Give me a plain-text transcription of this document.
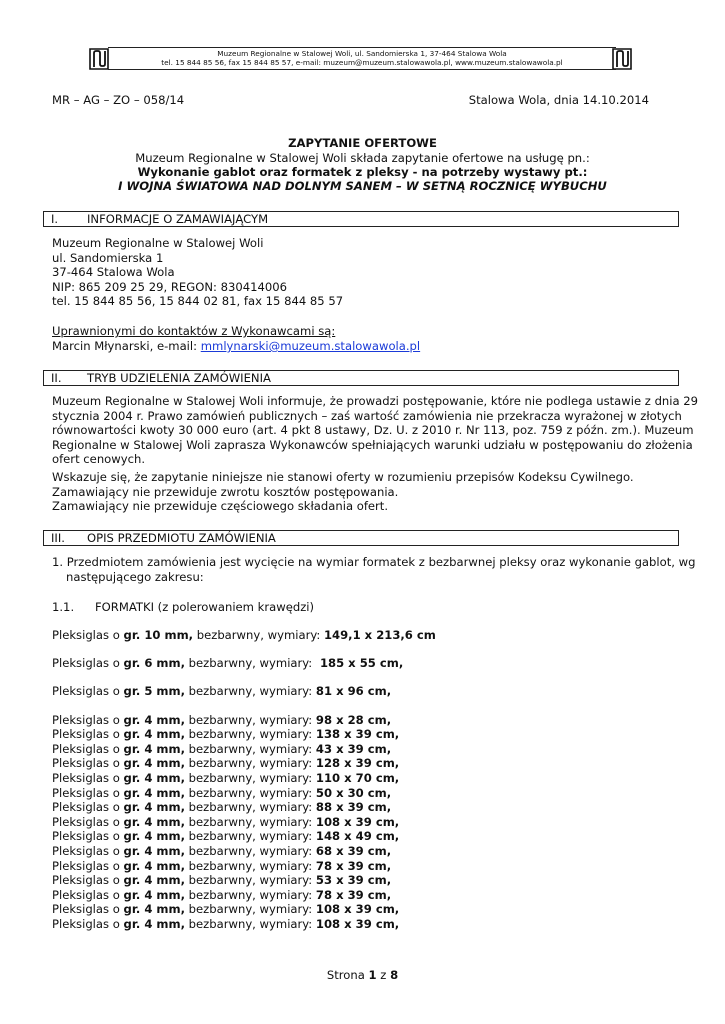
Muzeum Regionalne w Stalowej Woli, ul. Sandomierska 1, 37-464 Stalowa Wola
tel. 15 844 85 56, fax 15 844 85 57, e-mail: muzeum@muzeum.stalowawola.pl, www.muzeum.stalowawola.pl
MR – AG – ZO – 058/14	Stalowa Wola, dnia 14.10.2014
ZAPYTANIE OFERTOWE
Muzeum Regionalne w Stalowej Woli składa zapytanie ofertowe na usługę pn.:
Wykonanie gablot oraz formatek z pleksy - na potrzeby wystawy pt.:
I WOJNA ŚWIATOWA NAD DOLNYM SANEM – W SETNĄ ROCZNICĘ WYBUCHU
I. INFORMACJE O ZAMAWIAJĄCYM
Muzeum Regionalne w Stalowej Woli
ul. Sandomierska 1
37-464 Stalowa Wola
NIP: 865 209 25 29, REGON: 830414006
tel. 15 844 85 56, 15 844 02 81, fax 15 844 85 57
Uprawnionymi do kontaktów z Wykonawcami są:
Marcin Młynarski, e-mail: mmlynarski@muzeum.stalowawola.pl
II. TRYB UDZIELENIA ZAMÓWIENIA
Muzeum Regionalne w Stalowej Woli informuje, że prowadzi postępowanie, które nie podlega ustawie z dnia 29
stycznia 2004 r. Prawo zamówień publicznych – zaś wartość zamówienia nie przekracza wyrażonej w złotych
równowartości kwoty 30 000 euro (art. 4 pkt 8 ustawy, Dz. U. z 2010 r. Nr 113, poz. 759 z późn. zm.). Muzeum
Regionalne w Stalowej Woli zaprasza Wykonawców spełniających warunki udziału w postępowaniu do złożenia
ofert cenowych.
Wskazuje się, że zapytanie niniejsze nie stanowi oferty w rozumieniu przepisów Kodeksu Cywilnego.
Zamawiający nie przewiduje zwrotu kosztów postępowania.
Zamawiający nie przewiduje częściowego składania ofert.
III. OPIS PRZEDMIOTU ZAMÓWIENIA
1. Przedmiotem zamówienia jest wycięcie na wymiar formatek z bezbarwnej pleksy oraz wykonanie gablot, wg
następującego zakresu:
1.1. FORMATKI (z polerowaniem krawędzi)
Pleksiglas o gr. 10 mm, bezbarwny, wymiary: 149,1 x 213,6 cm
Pleksiglas o gr. 6 mm, bezbarwny, wymiary:  185 x 55 cm,
Pleksiglas o gr. 5 mm, bezbarwny, wymiary: 81 x 96 cm,
Pleksiglas o gr. 4 mm, bezbarwny, wymiary: 98 x 28 cm,
Pleksiglas o gr. 4 mm, bezbarwny, wymiary: 138 x 39 cm,
Pleksiglas o gr. 4 mm, bezbarwny, wymiary: 43 x 39 cm,
Pleksiglas o gr. 4 mm, bezbarwny, wymiary: 128 x 39 cm,
Pleksiglas o gr. 4 mm, bezbarwny, wymiary: 110 x 70 cm,
Pleksiglas o gr. 4 mm, bezbarwny, wymiary: 50 x 30 cm,
Pleksiglas o gr. 4 mm, bezbarwny, wymiary: 88 x 39 cm,
Pleksiglas o gr. 4 mm, bezbarwny, wymiary: 108 x 39 cm,
Pleksiglas o gr. 4 mm, bezbarwny, wymiary: 148 x 49 cm,
Pleksiglas o gr. 4 mm, bezbarwny, wymiary: 68 x 39 cm,
Pleksiglas o gr. 4 mm, bezbarwny, wymiary: 78 x 39 cm,
Pleksiglas o gr. 4 mm, bezbarwny, wymiary: 53 x 39 cm,
Pleksiglas o gr. 4 mm, bezbarwny, wymiary: 78 x 39 cm,
Pleksiglas o gr. 4 mm, bezbarwny, wymiary: 108 x 39 cm,
Pleksiglas o gr. 4 mm, bezbarwny, wymiary: 108 x 39 cm,
Strona 1 z 8
